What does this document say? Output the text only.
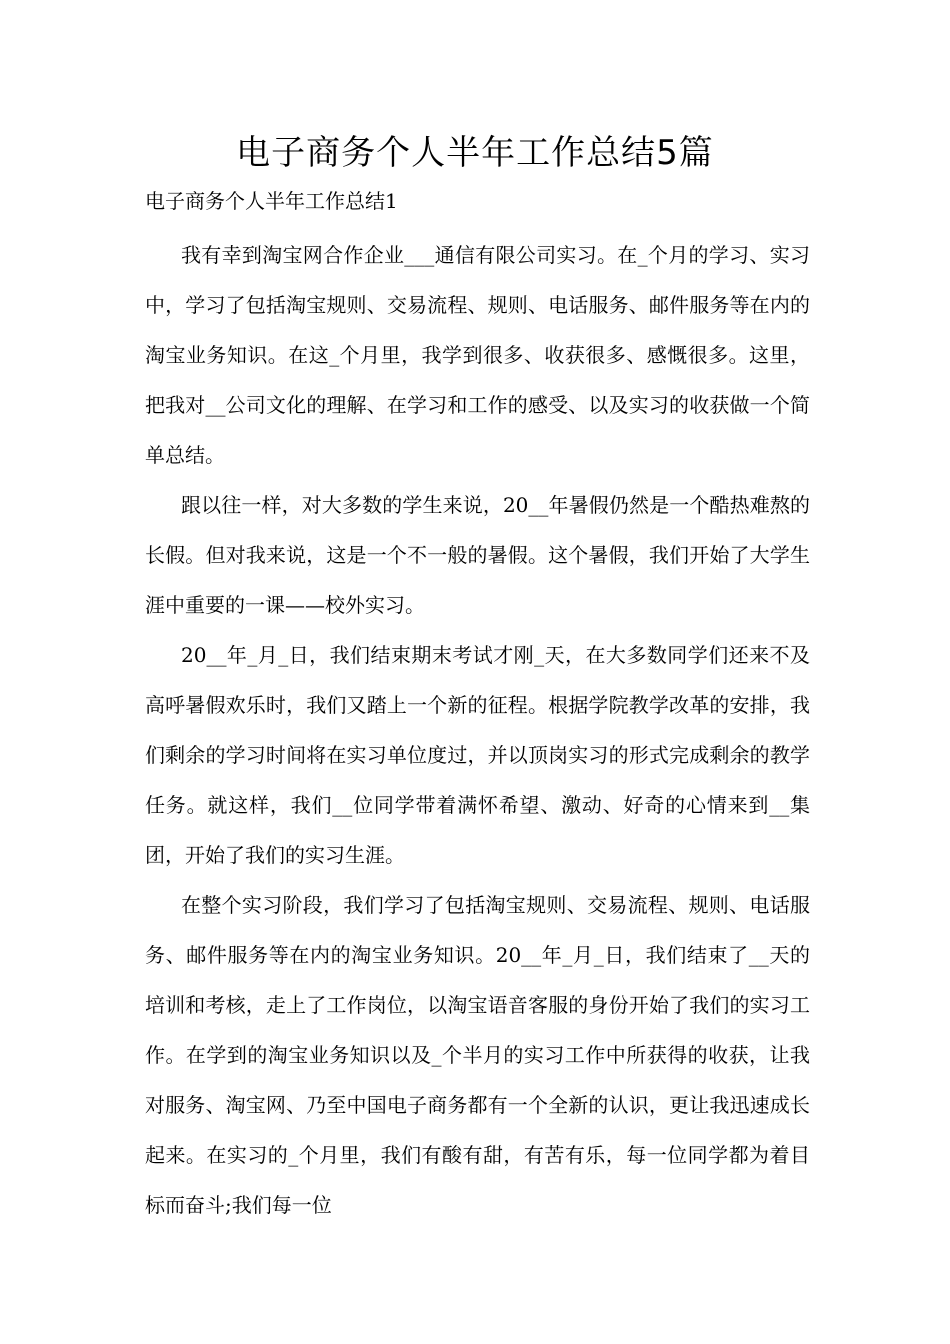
电子商务个人半年工作总结5篇
电子商务个人半年工作总结1

我有幸到淘宝网合作企业___通信有限公司实习。在_个月的学习、实习中，学习了包括淘宝规则、交易流程、规则、电话服务、邮件服务等在内的淘宝业务知识。在这_个月里，我学到很多、收获很多、感慨很多。这里，把我对__公司文化的理解、在学习和工作的感受、以及实习的收获做一个简单总结。

跟以往一样，对大多数的学生来说，20__年暑假仍然是一个酷热难熬的长假。但对我来说，这是一个不一般的暑假。这个暑假，我们开始了大学生涯中重要的一课——校外实习。

20__年_月_日，我们结束期末考试才刚_天，在大多数同学们还来不及高呼暑假欢乐时，我们又踏上一个新的征程。根据学院教学改革的安排，我们剩余的学习时间将在实习单位度过，并以顶岗实习的形式完成剩余的教学任务。就这样，我们__位同学带着满怀希望、激动、好奇的心情来到__集团，开始了我们的实习生涯。

在整个实习阶段，我们学习了包括淘宝规则、交易流程、规则、电话服务、邮件服务等在内的淘宝业务知识。20__年_月_日，我们结束了__天的培训和考核，走上了工作岗位，以淘宝语音客服的身份开始了我们的实习工作。在学到的淘宝业务知识以及_个半月的实习工作中所获得的收获，让我对服务、淘宝网、乃至中国电子商务都有一个全新的认识，更让我迅速成长起来。在实习的_个月里，我们有酸有甜，有苦有乐，每一位同学都为着目标而奋斗;我们每一位
